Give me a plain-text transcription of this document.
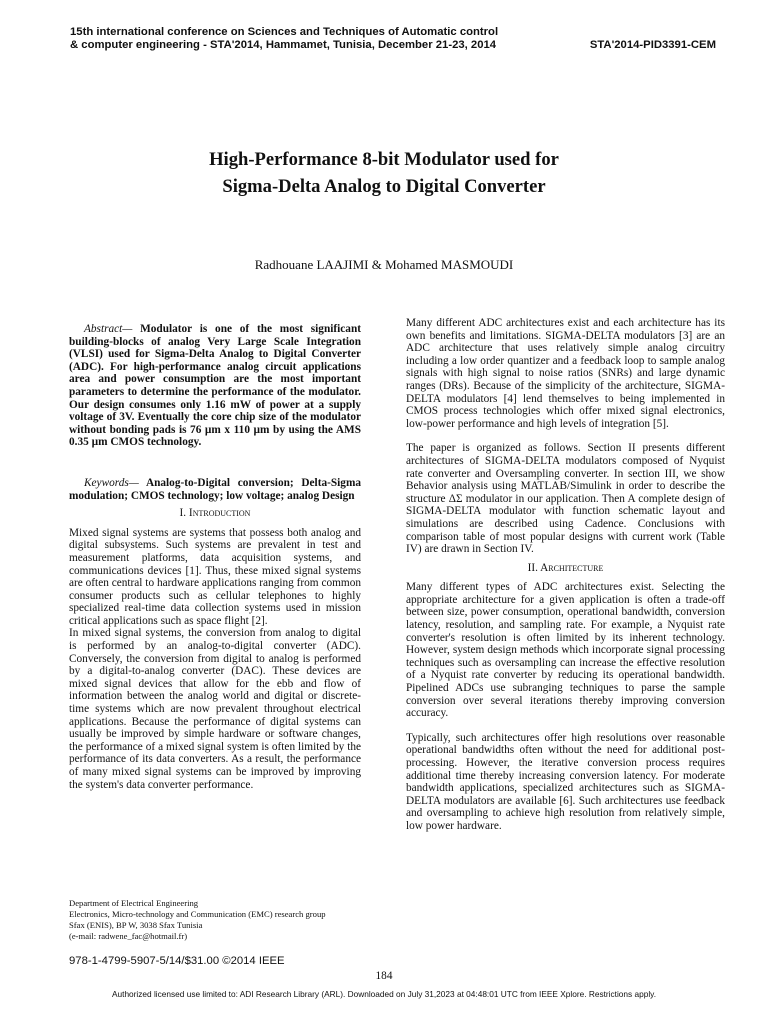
15th international conference on Sciences and Techniques of Automatic control
& computer engineering - STA'2014, Hammamet, Tunisia, December 21-23, 2014	STA'2014-PID3391-CEM
High-Performance 8-bit Modulator used for
Sigma-Delta Analog to Digital Converter
Radhouane LAAJIMI & Mohamed MASMOUDI

Abstract— Modulator is one of the most significant building-blocks of analog Very Large Scale Integration (VLSI) used for Sigma-Delta Analog to Digital Converter (ADC). For high-performance analog circuit applications area and power consumption are the most important parameters to determine the performance of the modulator. Our design consumes only 1.16 mW of power at a supply voltage of 3V. Eventually the core chip size of the modulator without bonding pads is 76 µm x 110 µm by using the AMS 0.35 µm CMOS technology.

Keywords— Analog-to-Digital conversion; Delta-Sigma modulation; CMOS technology; low voltage; analog Design

I. Introduction

Mixed signal systems are systems that possess both analog and digital subsystems. Such systems are prevalent in test and measurement platforms, data acquisition systems, and communications devices [1]. Thus, these mixed signal systems are often central to hardware applications ranging from common consumer products such as cellular telephones to highly specialized real-time data collection systems used in mission critical applications such as space flight [2].

In mixed signal systems, the conversion from analog to digital is performed by an analog-to-digital converter (ADC). Conversely, the conversion from digital to analog is performed by a digital-to-analog converter (DAC). These devices are mixed signal devices that allow for the ebb and flow of information between the analog world and digital or discrete-time systems which are now prevalent throughout electrical applications. Because the performance of digital systems can usually be improved by simple hardware or software changes, the performance of a mixed signal system is often limited by the performance of its data converters. As a result, the performance of many mixed signal systems can be improved by improving the system's data converter performance.

Many different ADC architectures exist and each architecture has its own benefits and limitations. SIGMA-DELTA modulators [3] are an ADC architecture that uses relatively simple analog circuitry including a low order quantizer and a feedback loop to sample analog signals with high signal to noise ratios (SNRs) and large dynamic ranges (DRs). Because of the simplicity of the architecture, SIGMA-DELTA modulators [4] lend themselves to being implemented in CMOS process technologies which offer mixed signal electronics, low-power performance and high levels of integration [5].

The paper is organized as follows. Section II presents different architectures of SIGMA-DELTA modulators composed of Nyquist rate converter and Oversampling converter. In section III, we show Behavior analysis using MATLAB/Simulink in order to describe the structure ΔΣ modulator in our application. Then A complete design of SIGMA-DELTA modulator with function schematic layout and simulations are described using Cadence. Conclusions with comparison table of most popular designs with current work (Table IV) are drawn in Section IV.

II. Architecture

Many different types of ADC architectures exist. Selecting the appropriate architecture for a given application is often a trade-off between size, power consumption, operational bandwidth, conversion latency, resolution, and sampling rate. For example, a Nyquist rate converter's resolution is often limited by its inherent technology. However, system design methods which incorporate signal processing techniques such as oversampling can increase the effective resolution of a Nyquist rate converter by reducing its operational bandwidth. Pipelined ADCs use subranging techniques to parse the sample conversion over several iterations thereby improving conversion accuracy.

Typically, such architectures offer high resolutions over reasonable operational bandwidths often without the need for additional post-processing. However, the iterative conversion process requires additional time thereby increasing conversion latency. For moderate bandwidth applications, specialized architectures such as SIGMA-DELTA modulators are available [6]. Such architectures use feedback and oversampling to achieve high resolution from relatively simple, low power hardware.

Department of Electrical Engineering
Electronics, Micro-technology and Communication (EMC) research group
Sfax (ENIS), BP W, 3038 Sfax Tunisia
(e-mail: radwene_fac@hotmail.fr)
978-1-4799-5907-5/14/$31.00 ©2014 IEEE
184
Authorized licensed use limited to: ADI Research Library (ARL). Downloaded on July 31,2023 at 04:48:01 UTC from IEEE Xplore. Restrictions apply.
